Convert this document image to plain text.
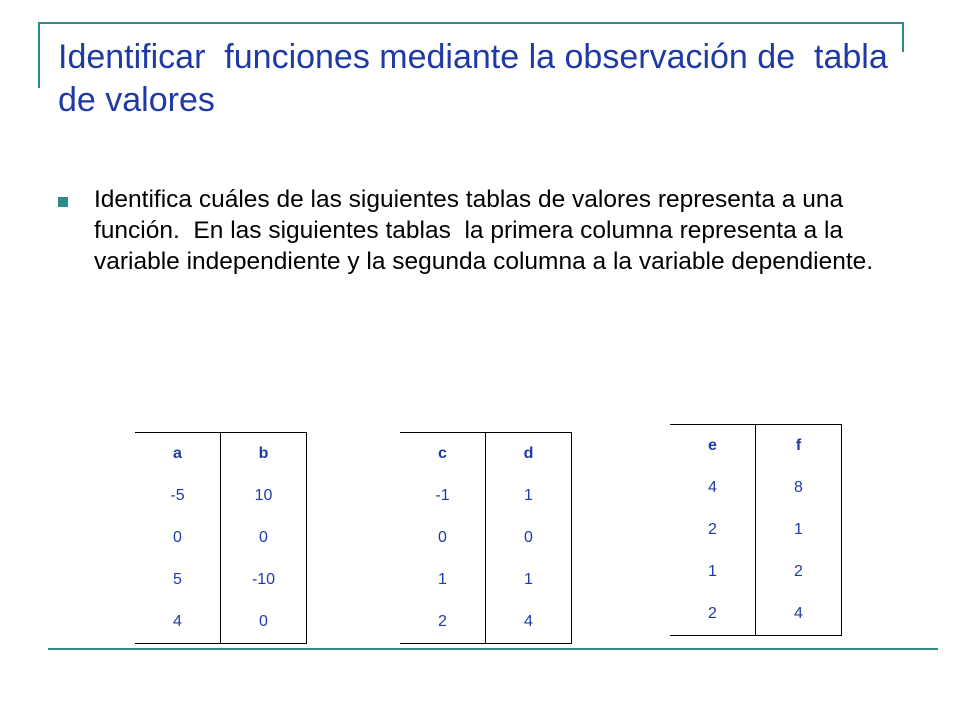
Identificar  funciones mediante la observación de  tabla de valores

Identifica cuáles de las siguientes tablas de valores representa a una función.  En las siguientes tablas  la primera columna representa a la variable independiente y la segunda columna a la variable dependiente.

a	b
-5	10
0	0
5	-10
4	0
c	d
-1	1
0	0
1	1
2	4
e	f
4	8
2	1
1	2
2	4
